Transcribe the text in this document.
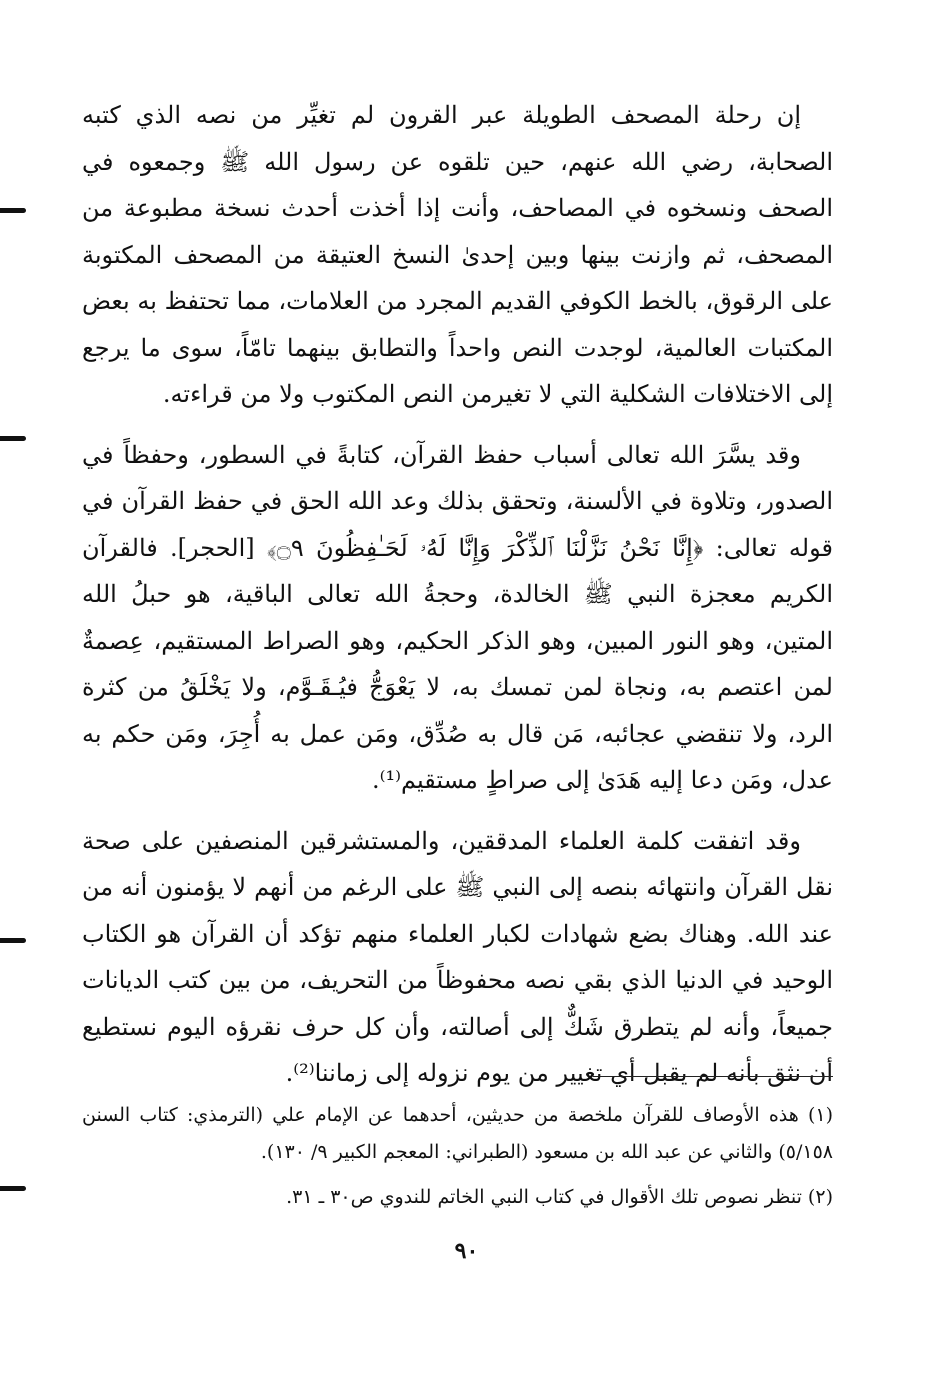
إن رحلة المصحف الطويلة عبر القرون لم تغيِّر من نصه الذي كتبه الصحابة، رضي الله عنهم، حين تلقوه عن رسول الله ﷺ وجمعوه في الصحف ونسخوه في المصاحف، وأنت إذا أخذت أحدث نسخة مطبوعة من المصحف، ثم وازنت بينها وبين إحدىٰ النسخ العتيقة من المصحف المكتوبة على الرقوق، بالخط الكوفي القديم المجرد من العلامات، مما تحتفظ به بعض المكتبات العالمية، لوجدت النص واحداً والتطابق بينهما تامّاً، سوى ما يرجع إلى الاختلافات الشكلية التي لا تغيرمن النص المكتوب ولا من قراءته.

وقد يسَّرَ الله تعالى أسباب حفظ القرآن، كتابةً في السطور، وحفظاً في الصدور، وتلاوة في الألسنة، وتحقق بذلك وعد الله الحق في حفظ القرآن في قوله تعالى: ﴿إِنَّا نَحْنُ نَزَّلْنَا ٱلذِّكْرَ وَإِنَّا لَهُۥ لَحَـٰفِظُونَ ۝٩﴾ [الحجر]. فالقرآن الكريم معجزة النبي ﷺ الخالدة، وحجةُ الله تعالى الباقية، هو حبلُ الله المتين، وهو النور المبين، وهو الذكر الحكيم، وهو الصراط المستقيم، عِصمةٌ لمن اعتصم به، ونجاة لمن تمسك به، لا يَعْوَجُّ فيُـقَـوَّم، ولا يَخْلَقُ من كثرة الرد، ولا تنقضي عجائبه، مَن قال به صُدِّق، ومَن عمل به أُجِرَ، ومَن حكم به عدل، ومَن دعا إليه هَدَىٰ إلى صراطٍ مستقيم⁽¹⁾.

وقد اتفقت كلمة العلماء المدققين، والمستشرقين المنصفين على صحة نقل القرآن وانتهائه بنصه إلى النبي ﷺ على الرغم من أنهم لا يؤمنون أنه من عند الله. وهناك بضع شهادات لكبار العلماء منهم تؤكد أن القرآن هو الكتاب الوحيد في الدنيا الذي بقي نصه محفوظاً من التحريف، من بين كتب الديانات جميعاً، وأنه لم يتطرق شَكٌّ إلى أصالته، وأن كل حرف نقرؤه اليوم نستطيع أن نثق بأنه لم يقبل أي تغيير من يوم نزوله إلى زماننا⁽²⁾.

(١) هذه الأوصاف للقرآن ملخصة من حديثين، أحدهما عن الإمام علي (الترمذي: كتاب السنن ٥/١٥٨) والثاني عن عبد الله بن مسعود (الطبراني: المعجم الكبير ٩/ ١٣٠).

(٢) تنظر نصوص تلك الأقوال في كتاب النبي الخاتم للندوي ص٣٠ ـ ٣١.

٩٠
